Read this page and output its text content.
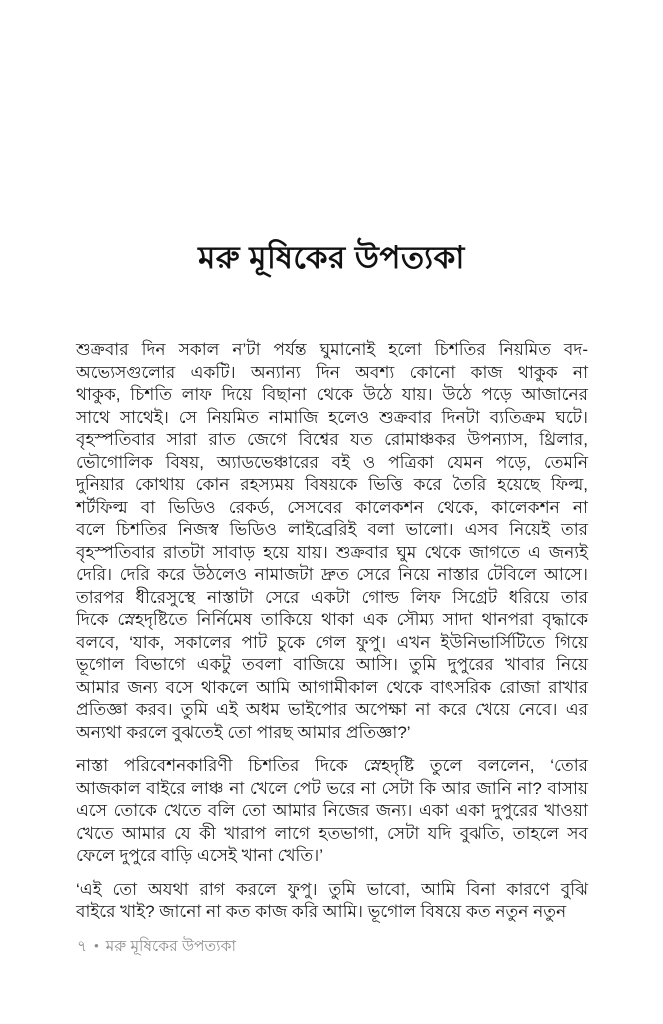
মরু মূষিকের উপত্যকা

শুক্রবার দিন সকাল ন’টা পর্যন্ত ঘুমানোই হলো চিশতির নিয়মিত বদ-
অভ্যেসগুলোর একটি। অন্যান্য দিন অবশ্য কোনো কাজ থাকুক না
থাকুক, চিশতি লাফ দিয়ে বিছানা থেকে উঠে যায়। উঠে পড়ে আজানের
সাথে সাথেই। সে নিয়মিত নামাজি হলেও শুক্রবার দিনটা ব্যতিক্রম ঘটে।
বৃহস্পতিবার সারা রাত জেগে বিশ্বের যত রোমাঞ্চকর উপন্যাস, থ্রিলার,
ভৌগোলিক বিষয়, অ্যাডভেঞ্চারের বই ও পত্রিকা যেমন পড়ে, তেমনি
দুনিয়ার কোথায় কোন রহস্যময় বিষয়কে ভিত্তি করে তৈরি হয়েছে ফিল্ম,
শর্টফিল্ম বা ভিডিও রেকর্ড, সেসবের কালেকশন থেকে, কালেকশন না
বলে চিশতির নিজস্ব ভিডিও লাইব্রেরিই বলা ভালো। এসব নিয়েই তার
বৃহস্পতিবার রাতটা সাবাড় হয়ে যায়। শুক্রবার ঘুম থেকে জাগতে এ জন্যই
দেরি। দেরি করে উঠলেও নামাজটা দ্রুত সেরে নিয়ে নাস্তার টেবিলে আসে।
তারপর ধীরেসুস্থে নাস্তাটা সেরে একটা গোল্ড লিফ সিগ্রেট ধরিয়ে তার
দিকে স্নেহদৃষ্টিতে নির্নিমেষ তাকিয়ে থাকা এক সৌম্য সাদা থানপরা বৃদ্ধাকে
বলবে, ‘যাক, সকালের পাট চুকে গেল ফুপু। এখন ইউনিভার্সিটিতে গিয়ে
ভূগোল বিভাগে একটু তবলা বাজিয়ে আসি। তুমি দুপুরের খাবার নিয়ে
আমার জন্য বসে থাকলে আমি আগামীকাল থেকে বাৎসরিক রোজা রাখার
প্রতিজ্ঞা করব। তুমি এই অধম ভাইপোর অপেক্ষা না করে খেয়ে নেবে। এর
অন্যথা করলে বুঝতেই তো পারছ আমার প্রতিজ্ঞা?’

নাস্তা পরিবেশনকারিণী চিশতির দিকে স্নেহদৃষ্টি তুলে বললেন, ‘তোর
আজকাল বাইরে লাঞ্চ না খেলে পেট ভরে না সেটা কি আর জানি না? বাসায়
এসে তোকে খেতে বলি তো আমার নিজের জন্য। একা একা দুপুরের খাওয়া
খেতে আমার যে কী খারাপ লাগে হতভাগা, সেটা যদি বুঝতি, তাহলে সব
ফেলে দুপুরে বাড়ি এসেই খানা খেতি।’

‘এই তো অযথা রাগ করলে ফুপু। তুমি ভাবো, আমি বিনা কারণে বুঝি
বাইরে খাই? জানো না কত কাজ করি আমি। ভূগোল বিষয়ে কত নতুন নতুন

৭ • মরু মূষিকের উপত্যকা
